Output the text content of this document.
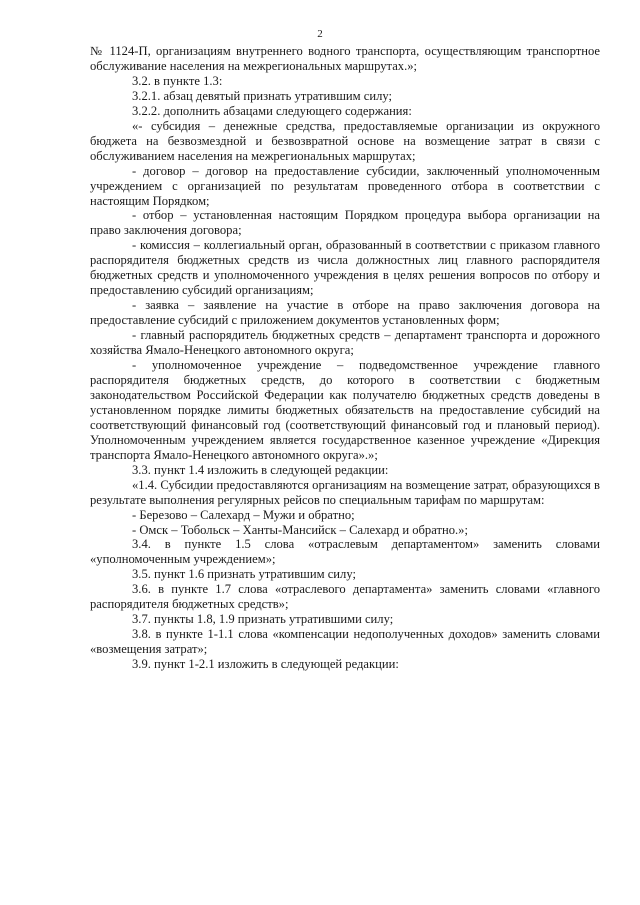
2

№ 1124-П, организациям внутреннего водного транспорта, осуществляющим транспортное обслуживание населения на межрегиональных маршрутах.»;

3.2. в пункте 1.3:

3.2.1. абзац девятый признать утратившим силу;

3.2.2. дополнить абзацами следующего содержания:

«- субсидия – денежные средства, предоставляемые организации из окружного бюджета на безвозмездной и безвозвратной основе на возмещение затрат в связи с обслуживанием населения на межрегиональных маршрутах;

- договор – договор на предоставление субсидии, заключенный уполномоченным учреждением с организацией по результатам проведенного отбора в соответствии с настоящим Порядком;

- отбор – установленная настоящим Порядком процедура выбора организации на право заключения договора;

- комиссия – коллегиальный орган, образованный в соответствии с приказом главного распорядителя бюджетных средств из числа должностных лиц главного распорядителя бюджетных средств и уполномоченного учреждения в целях решения вопросов по отбору и предоставлению субсидий организациям;

- заявка – заявление на участие в отборе на право заключения договора на предоставление субсидий с приложением документов установленных форм;

- главный распорядитель бюджетных средств – департамент транспорта и дорожного хозяйства Ямало-Ненецкого автономного округа;

- уполномоченное учреждение – подведомственное учреждение главного распорядителя бюджетных средств, до которого в соответствии с бюджетным законодательством Российской Федерации как получателю бюджетных средств доведены в установленном порядке лимиты бюджетных обязательств на предоставление субсидий на соответствующий финансовый год (соответствующий финансовый год и плановый период). Уполномоченным учреждением является государственное казенное учреждение «Дирекция транспорта Ямало-Ненецкого автономного округа».»;

3.3. пункт 1.4 изложить в следующей редакции:

«1.4. Субсидии предоставляются организациям на возмещение затрат, образующихся в результате выполнения регулярных рейсов по специальным тарифам по маршрутам:

- Березово – Салехард – Мужи и обратно;

- Омск – Тобольск – Ханты-Мансийск – Салехард и обратно.»;

3.4. в пункте 1.5 слова «отраслевым департаментом» заменить словами «уполномоченным учреждением»;

3.5. пункт 1.6 признать утратившим силу;

3.6. в пункте 1.7 слова «отраслевого департамента» заменить словами «главного распорядителя бюджетных средств»;

3.7. пункты 1.8, 1.9 признать утратившими силу;

3.8. в пункте 1-1.1 слова «компенсации недополученных доходов» заменить словами «возмещения затрат»;

3.9. пункт 1-2.1 изложить в следующей редакции:
